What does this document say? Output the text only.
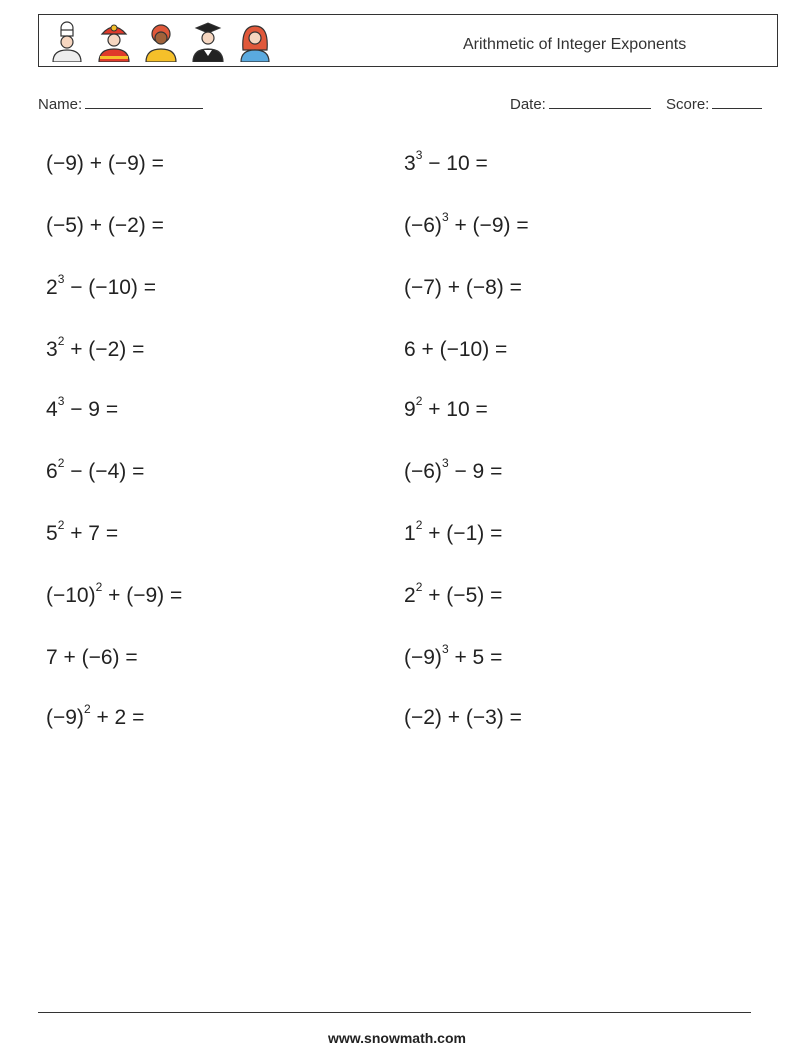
Arithmetic of Integer Exponents
Name:	Date:	Score:
(−9) + (−9) =
(−5) + (−2) =
$2^3 - (-10)$ =
$3^2 + (-2)$ =
$4^3 - 9$ =
$6^2 - (-4)$ =
$5^2 + 7$ =
$(-10)^2 + (-9)$ =
7 + (−6) =
$(-9)^2 + 2$ =
$3^3 - 10$ =
$(-6)^3 + (-9)$ =
(−7) + (−8) =
6 + (−10) =
$9^2 + 10$ =
$(-6)^3 - 9$ =
$1^2 + (-1)$ =
$2^2 + (-5)$ =
$(-9)^3 + 5$ =
(−2) + (−3) =
www.snowmath.com
